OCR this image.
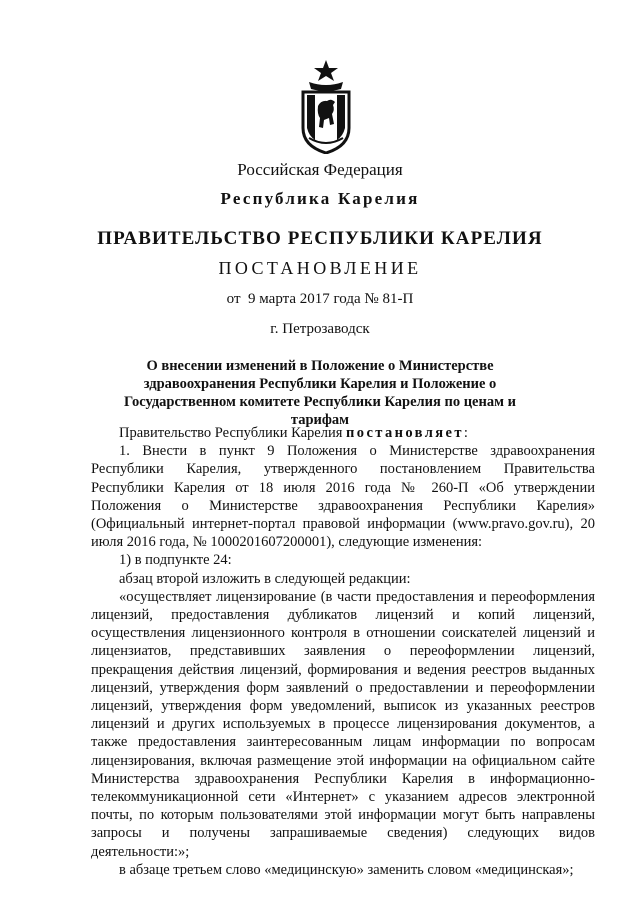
Российская Федерация
Республика Карелия
ПРАВИТЕЛЬСТВО РЕСПУБЛИКИ КАРЕЛИЯ
ПОСТАНОВЛЕНИЕ
от  9 марта 2017 года № 81-П
г. Петрозаводск
О внесении изменений в Положение о Министерстве здравоохранения Республики Карелия и Положение о Государственном комитете Республики Карелия по ценам и тарифам

Правительство Республики Карелия постановляет:

1. Внести в пункт 9 Положения о Министерстве здравоохранения Республики Карелия, утвержденного постановлением Правительства Республики Карелия от 18 июля 2016 года № 260-П «Об утверждении Положения о Министерстве здравоохранения Республики Карелия» (Официальный интернет-портал правовой информации (www.pravo.gov.ru), 20 июля 2016 года, № 1000201607200001), следующие изменения:

1) в подпункте 24:

абзац второй изложить в следующей редакции:

«осуществляет лицензирование (в части предоставления и переоформления лицензий, предоставления дубликатов лицензий и копий лицензий, осуществления лицензионного контроля в отношении соискателей лицензий и лицензиатов, представивших заявления о переоформлении лицензий, прекращения действия лицензий, формирования и ведения реестров выданных лицензий, утверждения форм заявлений о предоставлении и переоформлении лицензий, утверждения форм уведомлений, выписок из указанных реестров лицензий и других используемых в процессе лицензирования документов, а также предоставления заинтересованным лицам информации по вопросам лицензирования, включая размещение этой информации на официальном сайте Министерства здравоохранения Республики Карелия в информационно-телекоммуникационной сети «Интернет» с указанием адресов электронной почты, по которым пользователями этой информации могут быть направлены запросы и получены запрашиваемые сведения) следующих видов деятельности:»;

в абзаце третьем слово «медицинскую» заменить словом «медицинская»;
